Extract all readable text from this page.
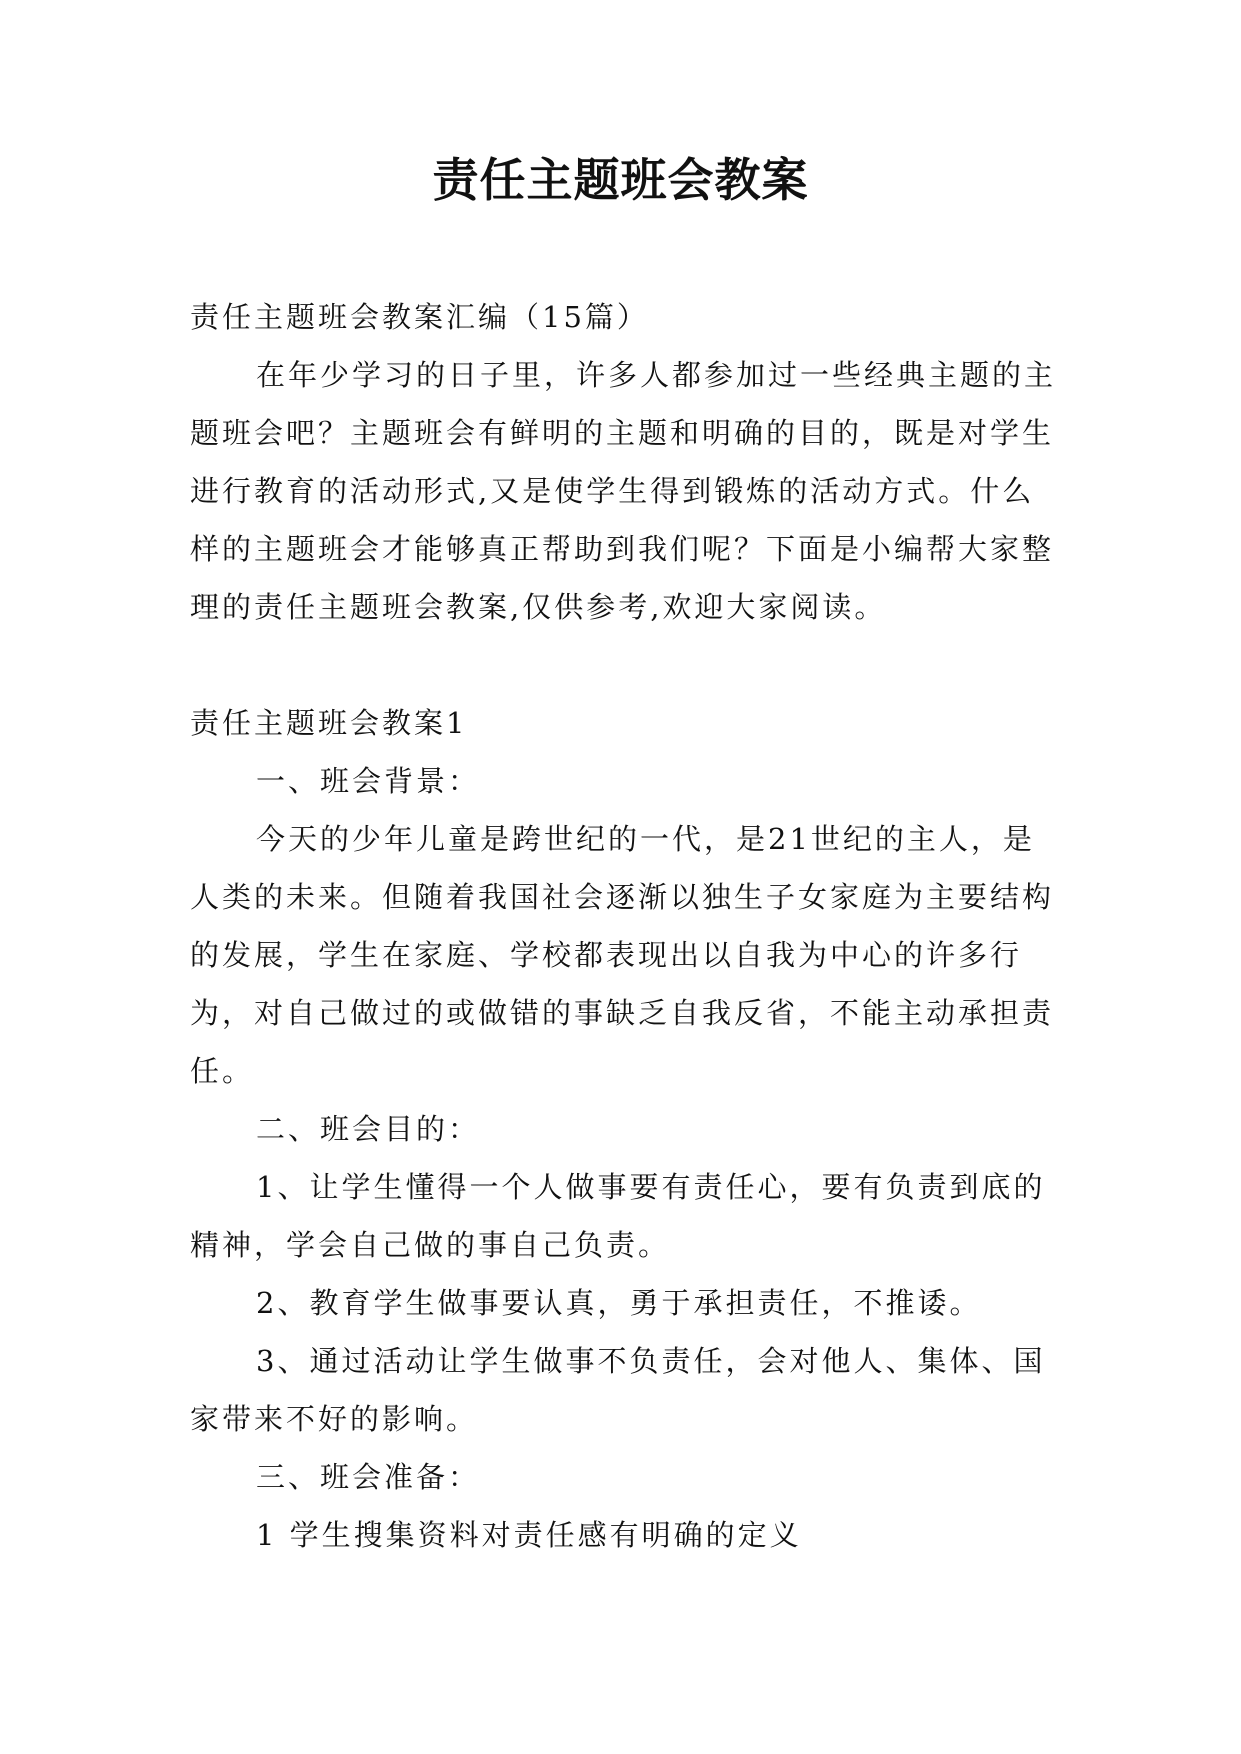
责任主题班会教案

责任主题班会教案汇编（15篇）

在年少学习的日子里，许多人都参加过一些经典主题的主题班会吧？主题班会有鲜明的主题和明确的目的，既是对学生进行教育的活动形式,又是使学生得到锻炼的活动方式。什么样的主题班会才能够真正帮助到我们呢？下面是小编帮大家整理的责任主题班会教案,仅供参考,欢迎大家阅读。

责任主题班会教案1

一、班会背景：

今天的少年儿童是跨世纪的一代，是21世纪的主人，是人类的未来。但随着我国社会逐渐以独生子女家庭为主要结构的发展，学生在家庭、学校都表现出以自我为中心的许多行为，对自己做过的或做错的事缺乏自我反省，不能主动承担责任。

二、班会目的：

1、让学生懂得一个人做事要有责任心，要有负责到底的精神，学会自己做的事自己负责。

2、教育学生做事要认真，勇于承担责任，不推诿。

3、通过活动让学生做事不负责任，会对他人、集体、国家带来不好的影响。

三、班会准备：

1 学生搜集资料对责任感有明确的定义
